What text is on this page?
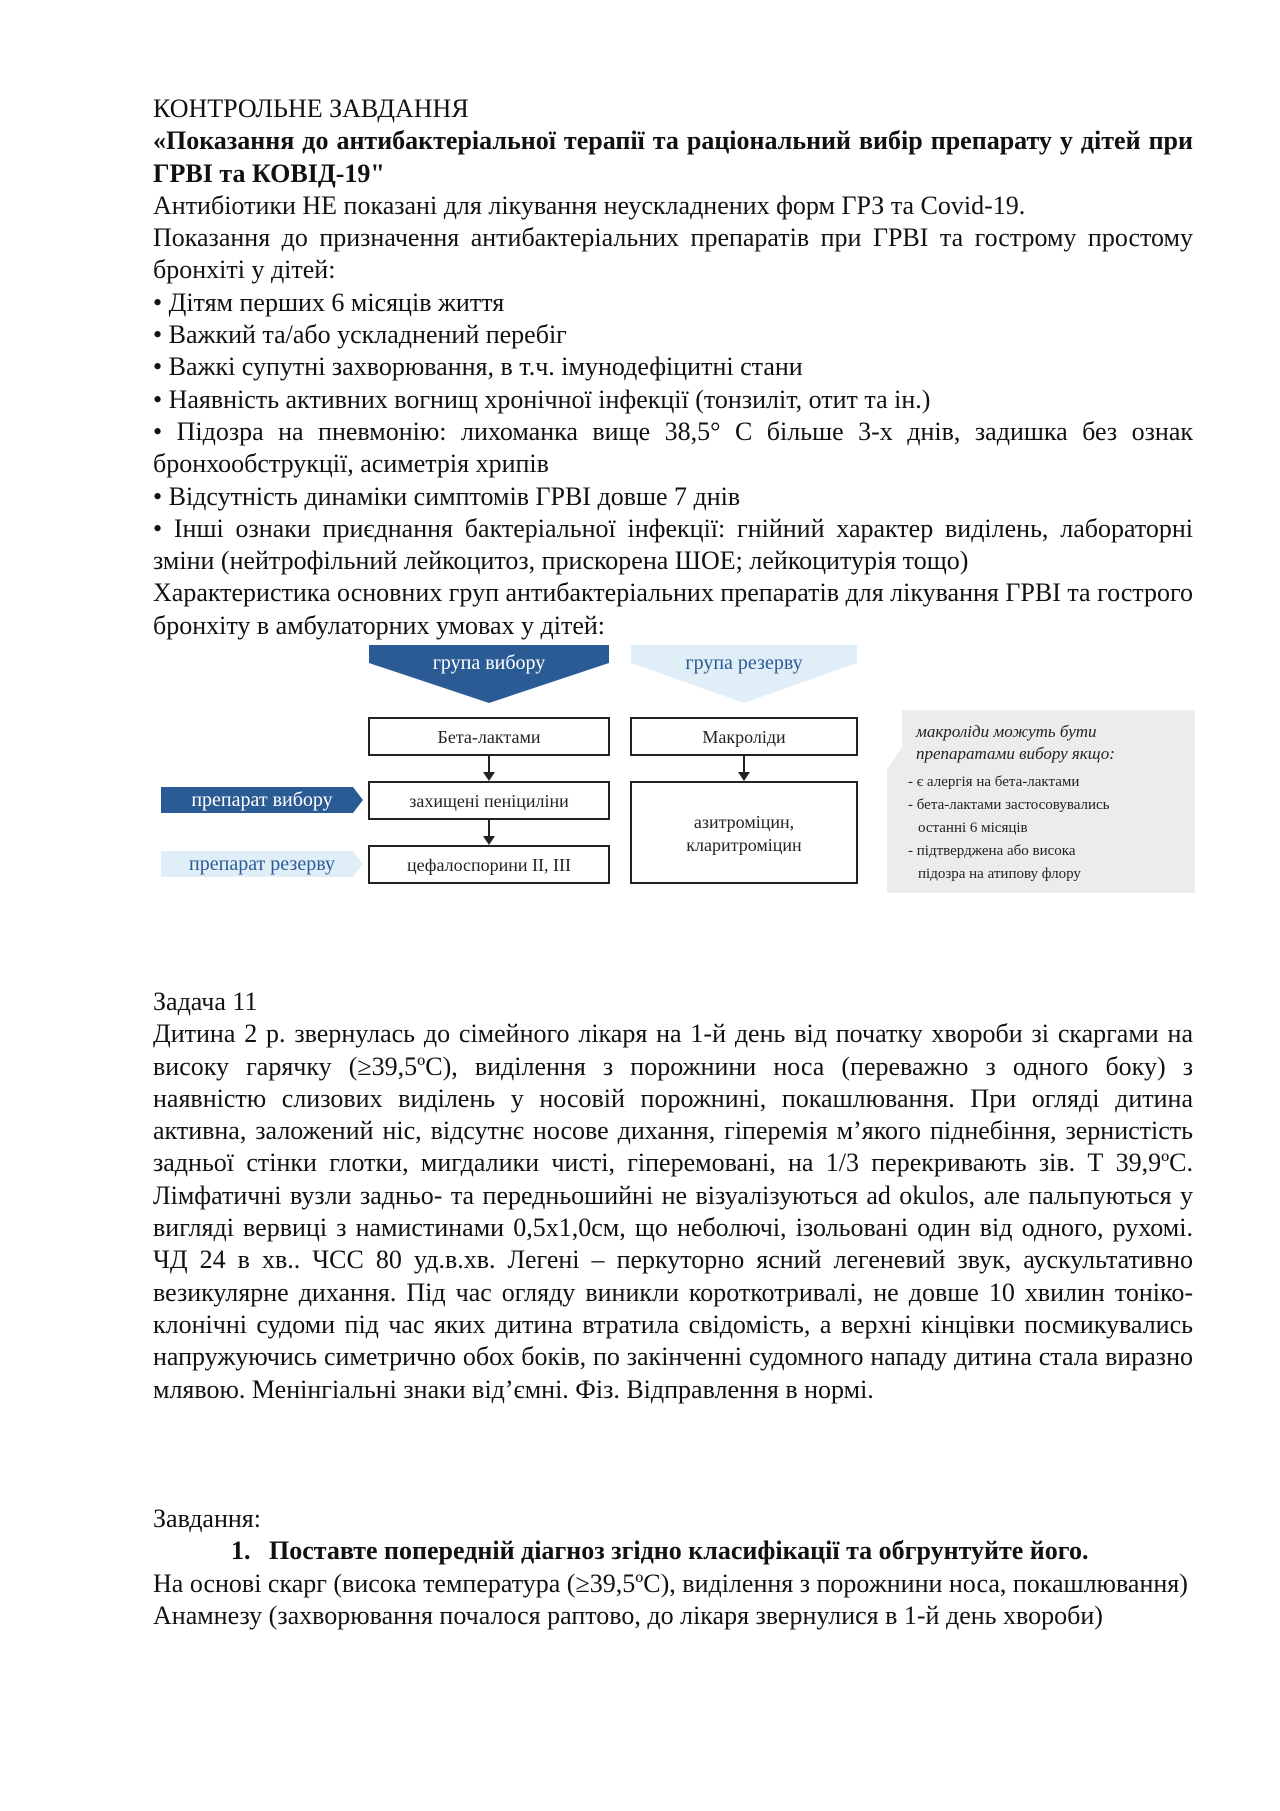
КОНТРОЛЬНЕ ЗАВДАННЯ

«Показання до антибактеріальної терапії та раціональний вибір препарату у дітей при ГРВІ та КОВІД-19"

Антибіотики НЕ показані для лікування неускладнених форм ГРЗ та Covid-19.

Показання до призначення антибактеріальних препаратів при ГРВІ та гострому простому бронхіті у дітей:

• Дітям перших 6 місяців життя

• Важкий та/або ускладнений перебіг

• Важкі супутні захворювання, в т.ч. імунодефіцитні стани

• Наявність активних вогнищ хронічної інфекції (тонзиліт, отит та ін.)

• Підозра на пневмонію: лихоманка вище 38,5° С більше 3-х днів, задишка без ознак бронхообструкції, асиметрія хрипів

• Відсутність динаміки симптомів ГРВІ довше 7 днів

• Інші ознаки приєднання бактеріальної інфекції: гнійний характер виділень, лабораторні зміни (нейтрофільний лейкоцитоз, прискорена ШОЕ; лейкоцитурія тощо)

Характеристика основних груп антибактеріальних препаратів для лікування ГРВІ та гострого бронхіту в амбулаторних умовах у дітей:

група вибору	група резерву
Бета-лактами
захищені пеніциліни
цефалоспорини ІІ, ІІІ
препарат вибору
препарат резерву
Макроліди
азитроміцин,
кларитроміцин
макроліди можуть бути
препаратами вибору якщо:
- є алергія на бета-лактами
- бета-лактами застосовувались
останні 6 місяців
- підтверджена або висока
підозра на атипову флору

Задача 11

Дитина 2 р. звернулась до сімейного лікаря на 1-й день від початку хвороби зі скаргами на високу гарячку (≥39,5ºС), виділення з порожнини носа (переважно з одного боку) з наявністю слизових виділень у носовій порожнині, покашлювання. При огляді дитина активна, заложений ніс, відсутнє носове дихання, гіперемія м’якого піднебіння, зернистість задньої стінки глотки, мигдалики чисті, гіперемовані, на 1/3 перекривають зів. Т 39,9ºС. Лімфатичні вузли задньо- та передньошийні не візуалізуються ad okulos, але пальпуються у вигляді вервиці з намистинами 0,5х1,0см, що неболючі, ізольовані один від одного, рухомі. ЧД 24 в хв.. ЧСС 80 уд.в.хв. Легені – перкуторно ясний легеневий звук, аускультативно везикулярне дихання. Під час огляду виникли короткотривалі, не довше 10 хвилин тоніко-клонічні судоми під час яких дитина втратила свідомість, а верхні кінцівки посмикувались напружуючись симетрично обох боків, по закінченні судомного нападу дитина стала виразно млявою. Менінгіальні знаки від’ємні. Фіз. Відправлення в нормі.

Завдання:

1. Поставте попередній діагноз згідно класифікації та обгрунтуйте його.

На основі скарг (висока температура (≥39,5ºС), виділення з порожнини носа, покашлювання)

Анамнезу (захворювання почалося раптово, до лікаря звернулися в 1-й день хвороби)
